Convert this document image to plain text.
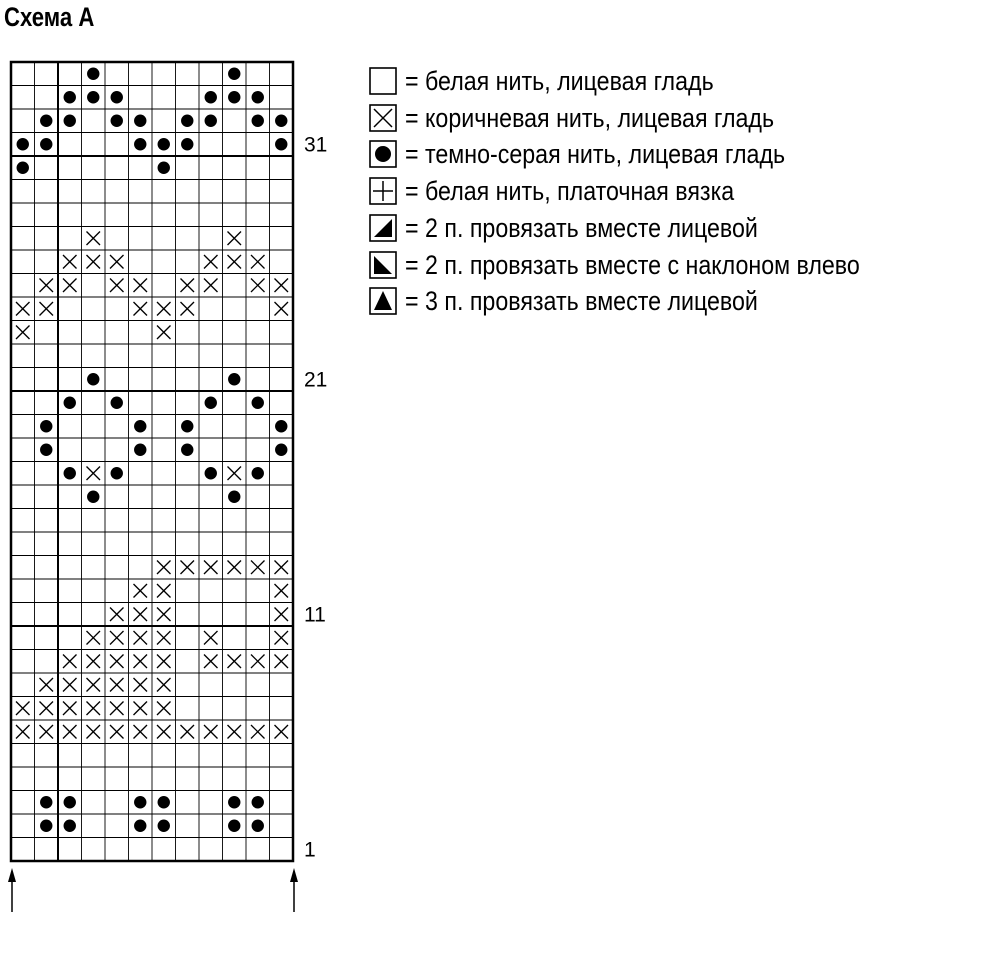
Схема А
31
21
11
1
= белая нить, лицевая гладь
= коричневая нить, лицевая гладь
= темно-серая нить, лицевая гладь
= белая нить, платочная вязка
= 2 п. провязать вместе лицевой
= 2 п. провязать вместе с наклоном влево
= 3 п. провязать вместе лицевой
